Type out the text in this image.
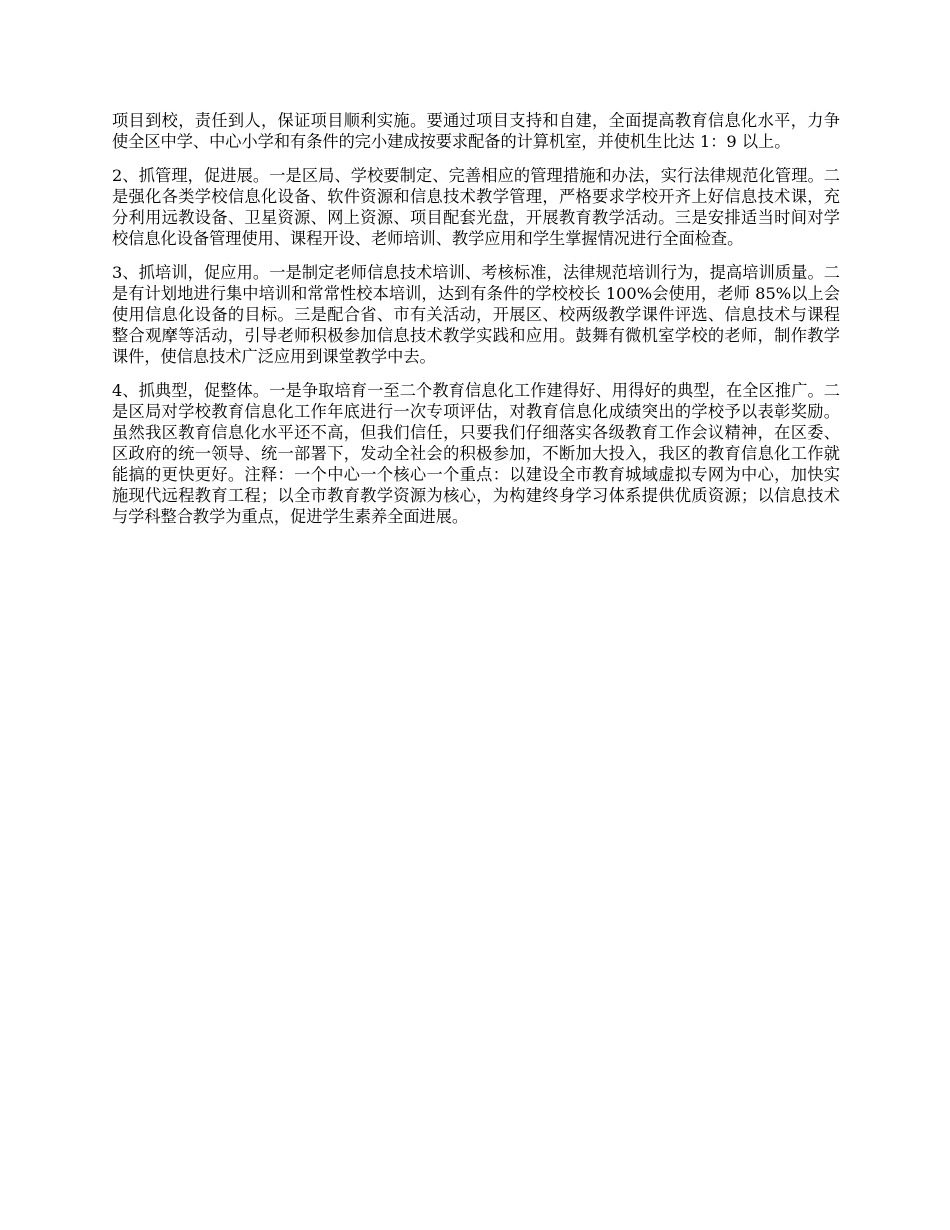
项目到校，责任到人，保证项目顺利实施。要通过项目支持和自建，全面提高教育信息化水平，力争使全区中学、中心小学和有条件的完小建成按要求配备的计算机室，并使机生比达 1：9 以上。

2、抓管理，促进展。一是区局、学校要制定、完善相应的管理措施和办法，实行法律规范化管理。二是强化各类学校信息化设备、软件资源和信息技术教学管理，严格要求学校开齐上好信息技术课，充分利用远教设备、卫星资源、网上资源、项目配套光盘，开展教育教学活动。三是安排适当时间对学校信息化设备管理使用、课程开设、老师培训、教学应用和学生掌握情况进行全面检查。

3、抓培训，促应用。一是制定老师信息技术培训、考核标准，法律规范培训行为，提高培训质量。二是有计划地进行集中培训和常常性校本培训，达到有条件的学校校长 100%会使用，老师 85%以上会使用信息化设备的目标。三是配合省、市有关活动，开展区、校两级教学课件评选、信息技术与课程整合观摩等活动，引导老师积极参加信息技术教学实践和应用。鼓舞有微机室学校的老师，制作教学课件，使信息技术广泛应用到课堂教学中去。

4、抓典型，促整体。一是争取培育一至二个教育信息化工作建得好、用得好的典型，在全区推广。二是区局对学校教育信息化工作年底进行一次专项评估，对教育信息化成绩突出的学校予以表彰奖励。虽然我区教育信息化水平还不高，但我们信任，只要我们仔细落实各级教育工作会议精神，在区委、区政府的统一领导、统一部署下，发动全社会的积极参加，不断加大投入，我区的教育信息化工作就能搞的更快更好。注释：一个中心一个核心一个重点：以建设全市教育城域虚拟专网为中心，加快实施现代远程教育工程；以全市教育教学资源为核心，为构建终身学习体系提供优质资源；以信息技术与学科整合教学为重点，促进学生素养全面进展。
